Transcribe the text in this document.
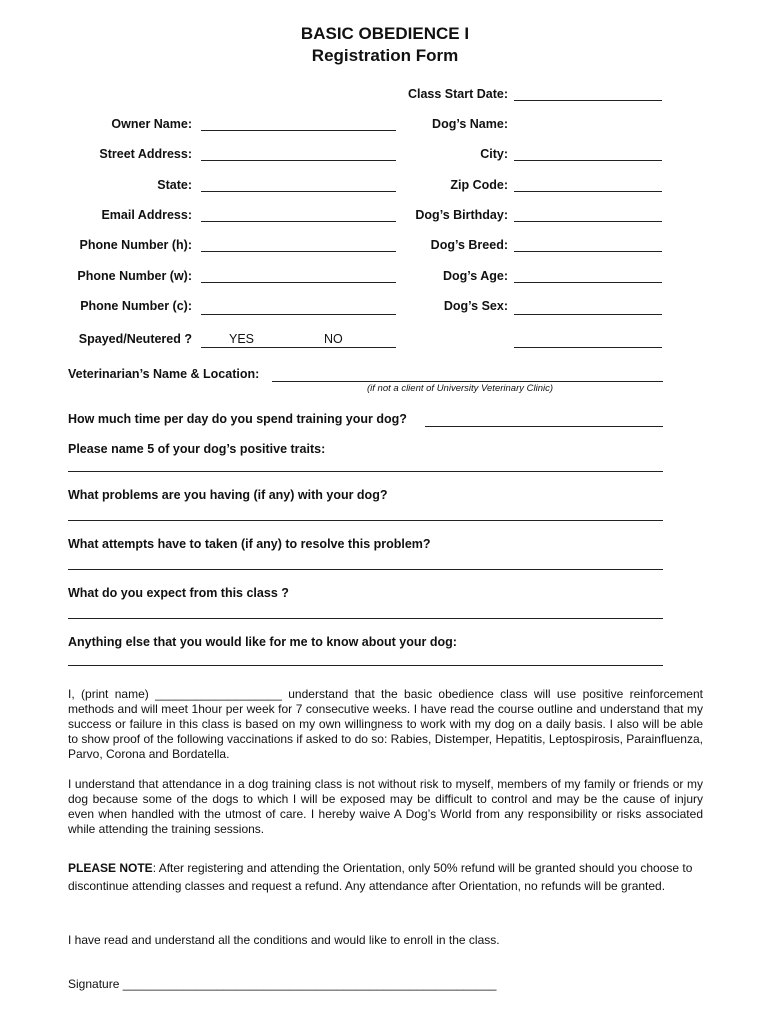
BASIC OBEDIENCE I
Registration Form
Class Start Date:
Owner Name:	Dog’s Name:
Street Address:	City:
State:	Zip Code:
Email Address:	Dog’s Birthday:
Phone Number (h):	Dog’s Breed:
Phone Number (w):	Dog’s Age:
Phone Number (c):	Dog’s Sex:
Spayed/Neutered ?	YES	NO
Veterinarian’s Name & Location:
(if not a client of University Veterinary Clinic)
How much time per day do you spend training your dog?
Please name 5 of your dog’s positive traits:
What problems are you having (if any) with your dog?
What attempts have to taken (if any) to resolve this problem?
What do you expect from this class ?
Anything else that you would like for me to know about your dog:
I, (print name) ___________________ understand that the basic obedience class will use positive reinforcement methods and will meet 1hour per week for 7 consecutive weeks. I have read the course outline and understand that my success or failure in this class is based on my own willingness to work with my dog on a daily basis. I also will be able to show proof of the following vaccinations if asked to do so: Rabies, Distemper, Hepatitis, Leptospirosis, Parainfluenza, Parvo, Corona and Bordatella.
I understand that attendance in a dog training class is not without risk to myself, members of my family or friends or my dog because some of the dogs to which I will be exposed may be difficult to control and may be the cause of injury even when handled with the utmost of care. I hereby waive A Dog’s World from any responsibility or risks associated while attending the training sessions.
PLEASE NOTE: After registering and attending the Orientation, only 50% refund will be granted should you choose to discontinue attending classes and request a refund. Any attendance after Orientation, no refunds will be granted.
I have read and understand all the conditions and would like to enroll in the class.
Signature ________________________________________________________
